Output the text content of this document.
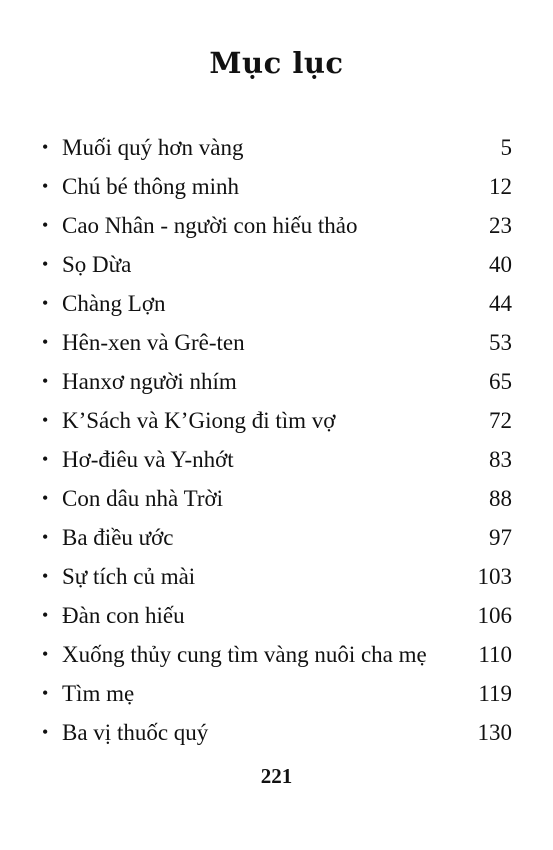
Mục lục
• Muối quý hơn vàng	5
• Chú bé thông minh	12
• Cao Nhân - người con hiếu thảo	23
• Sọ Dừa	40
• Chàng Lợn	44
• Hên-xen và Grê-ten	53
• Hanxơ người nhím	65
• K’Sách và K’Giong đi tìm vợ	72
• Hơ-điêu và Y-nhớt	83
• Con dâu nhà Trời	88
• Ba điều ước	97
• Sự tích củ mài	103
• Đàn con hiếu	106
• Xuống thủy cung tìm vàng nuôi cha mẹ	110
• Tìm mẹ	119
• Ba vị thuốc quý	130
221
